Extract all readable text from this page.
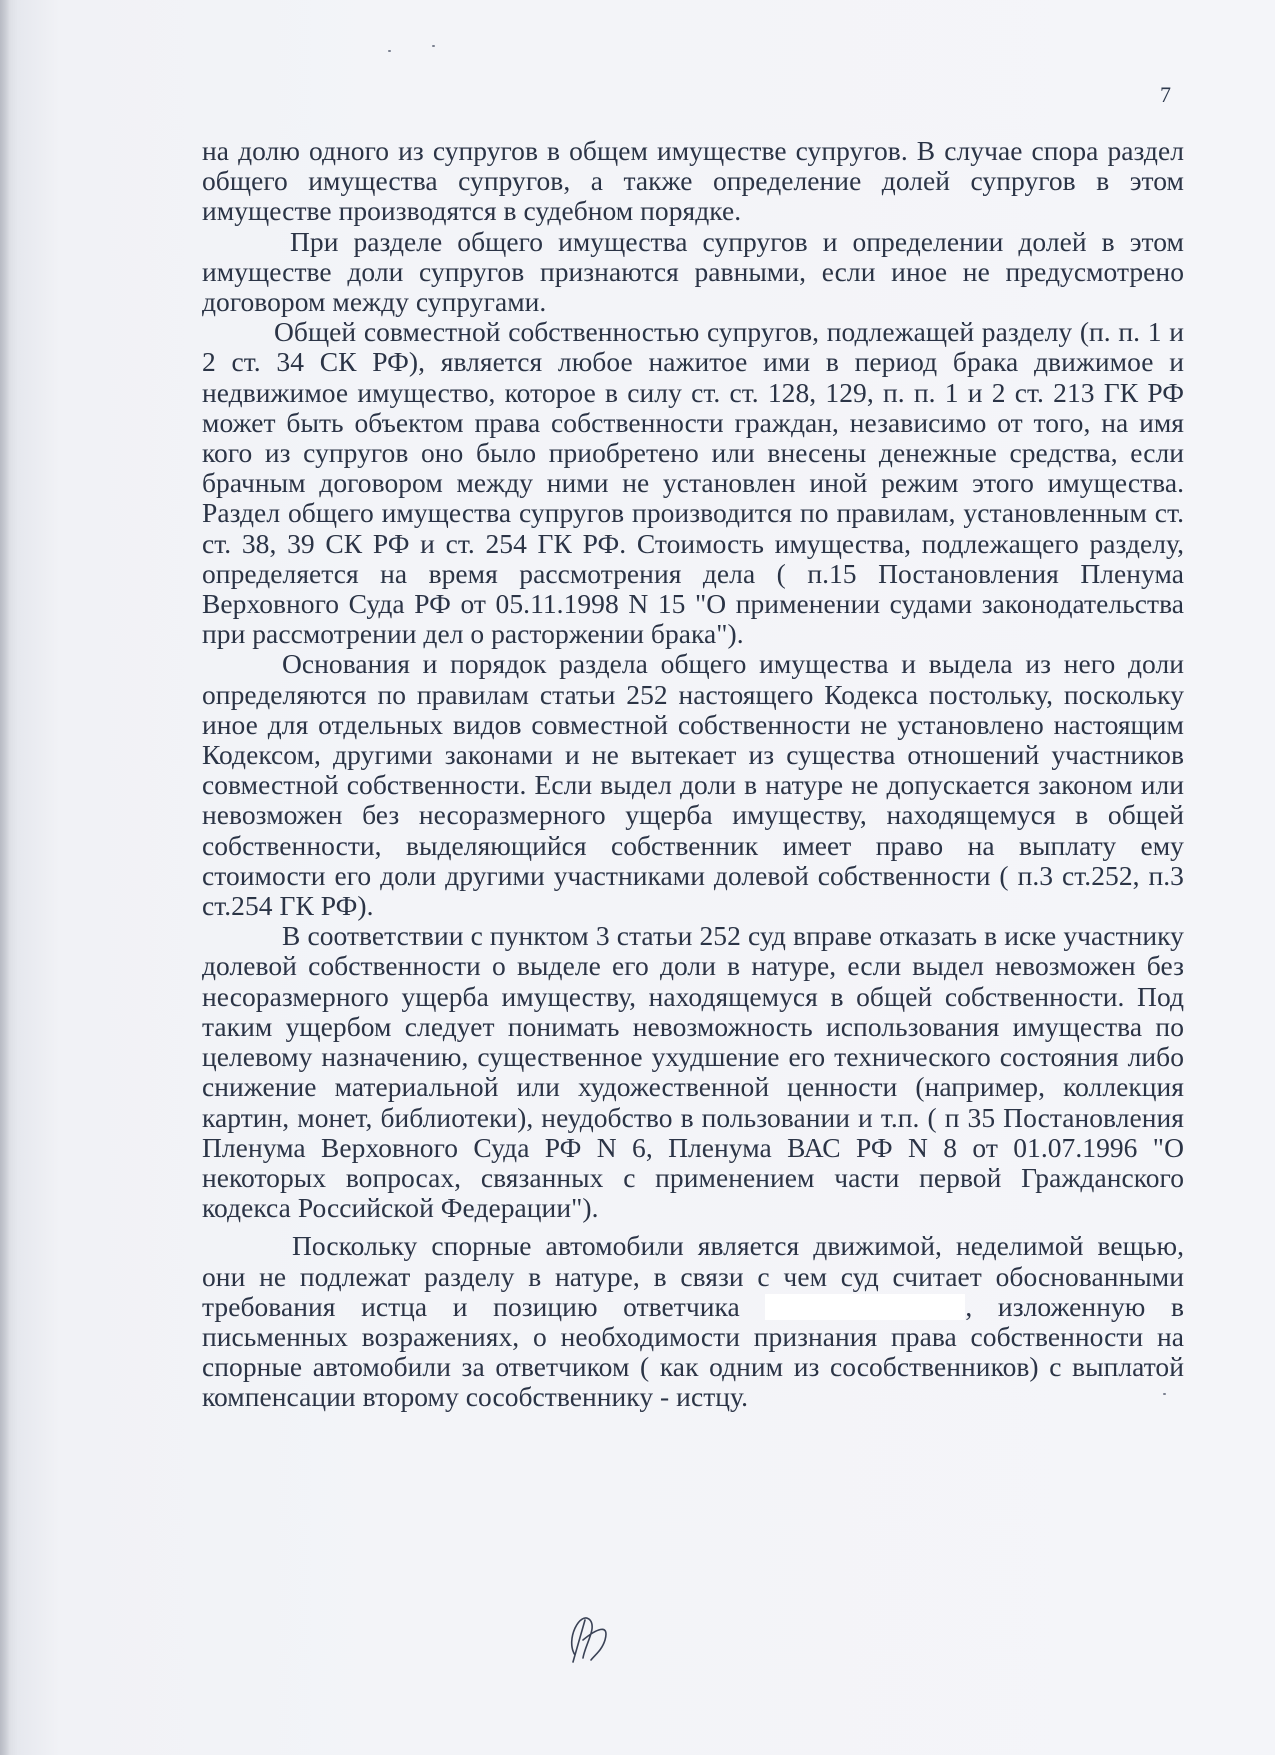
7

на долю одного из супругов в общем имуществе супругов. В случае спора раздел общего имущества супругов, а также определение долей супругов в этом имуществе производятся в судебном порядке.

При разделе общего имущества супругов и определении долей в этом имуществе доли супругов признаются равными, если иное не предусмотрено договором между супругами.

Общей совместной собственностью супругов, подлежащей разделу (п. п. 1 и 2 ст. 34 СК РФ), является любое нажитое ими в период брака движимое и недвижимое имущество, которое в силу ст. ст. 128, 129, п. п. 1 и 2 ст. 213 ГК РФ может быть объектом права собственности граждан, независимо от того, на имя кого из супругов оно было приобретено или внесены денежные средства, если брачным договором между ними не установлен иной режим этого имущества. Раздел общего имущества супругов производится по правилам, установленным ст. ст. 38, 39 СК РФ и ст. 254 ГК РФ. Стоимость имущества, подлежащего разделу, определяется на время рассмотрения дела ( п.15 Постановления Пленума Верховного Суда РФ от 05.11.1998 N 15 "О применении судами законодательства при рассмотрении дел о расторжении брака").

Основания и порядок раздела общего имущества и выдела из него доли определяются по правилам статьи 252 настоящего Кодекса постольку, поскольку иное для отдельных видов совместной собственности не установлено настоящим Кодексом, другими законами и не вытекает из существа отношений участников совместной собственности. Если выдел доли в натуре не допускается законом или невозможен без несоразмерного ущерба имуществу, находящемуся в общей собственности, выделяющийся собственник имеет право на выплату ему стоимости его доли другими участниками долевой собственности ( п.3 ст.252, п.3 ст.254 ГК РФ).

В соответствии с пунктом 3 статьи 252 суд вправе отказать в иске участнику долевой собственности о выделе его доли в натуре, если выдел невозможен без несоразмерного ущерба имуществу, находящемуся в общей собственности. Под таким ущербом следует понимать невозможность использования имущества по целевому назначению, существенное ухудшение его технического состояния либо снижение материальной или художественной ценности (например, коллекция картин, монет, библиотеки), неудобство в пользовании и т.п. ( п 35 Постановления Пленума Верховного Суда РФ N 6, Пленума ВАС РФ N 8 от 01.07.1996 "О некоторых вопросах, связанных с применением части первой Гражданского кодекса Российской Федерации").

Поскольку спорные автомобили является движимой, неделимой вещью, они не подлежат разделу в натуре, в связи с чем суд считает обоснованными требования истца и позицию ответчика	, изложенную в письменных возражениях, о необходимости признания права собственности на спорные автомобили за ответчиком ( как одним из сособственников) с выплатой компенсации второму сособственнику - истцу.
